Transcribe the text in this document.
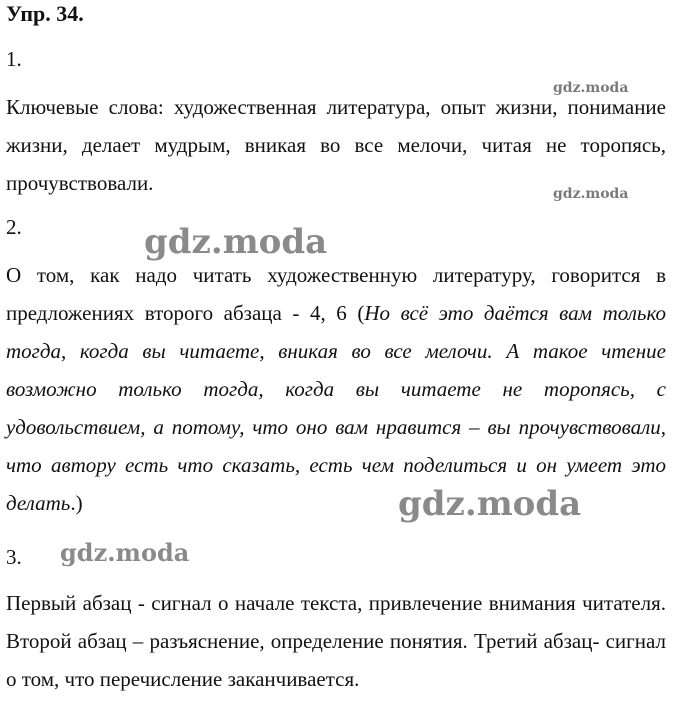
Упр. 34.
1.
gdz.moda

Ключевые слова: художественная литература, опыт жизни, понимание жизни, делает мудрым, вникая во все мелочи, читая не торопясь, прочувствовали.	gdz.moda
2.	gdz.moda

О том, как надо читать художественную литературу, говорится в предложениях второго абзаца - 4, 6 (Но всё это даётся вам только тогда, когда вы читаете, вникая во все мелочи. А такое чтение возможно только тогда, когда вы читаете не торопясь, с удовольствием, а потому, что оно вам нравится – вы прочувствовали, что автору есть что сказать, есть чем поделиться и он умеет это делать.)	gdz.moda
3. gdz.moda

Первый абзац - сигнал о начале текста, привлечение внимания читателя. Второй абзац – разъяснение, определение понятия. Третий абзац- сигнал о том, что перечисление заканчивается.
